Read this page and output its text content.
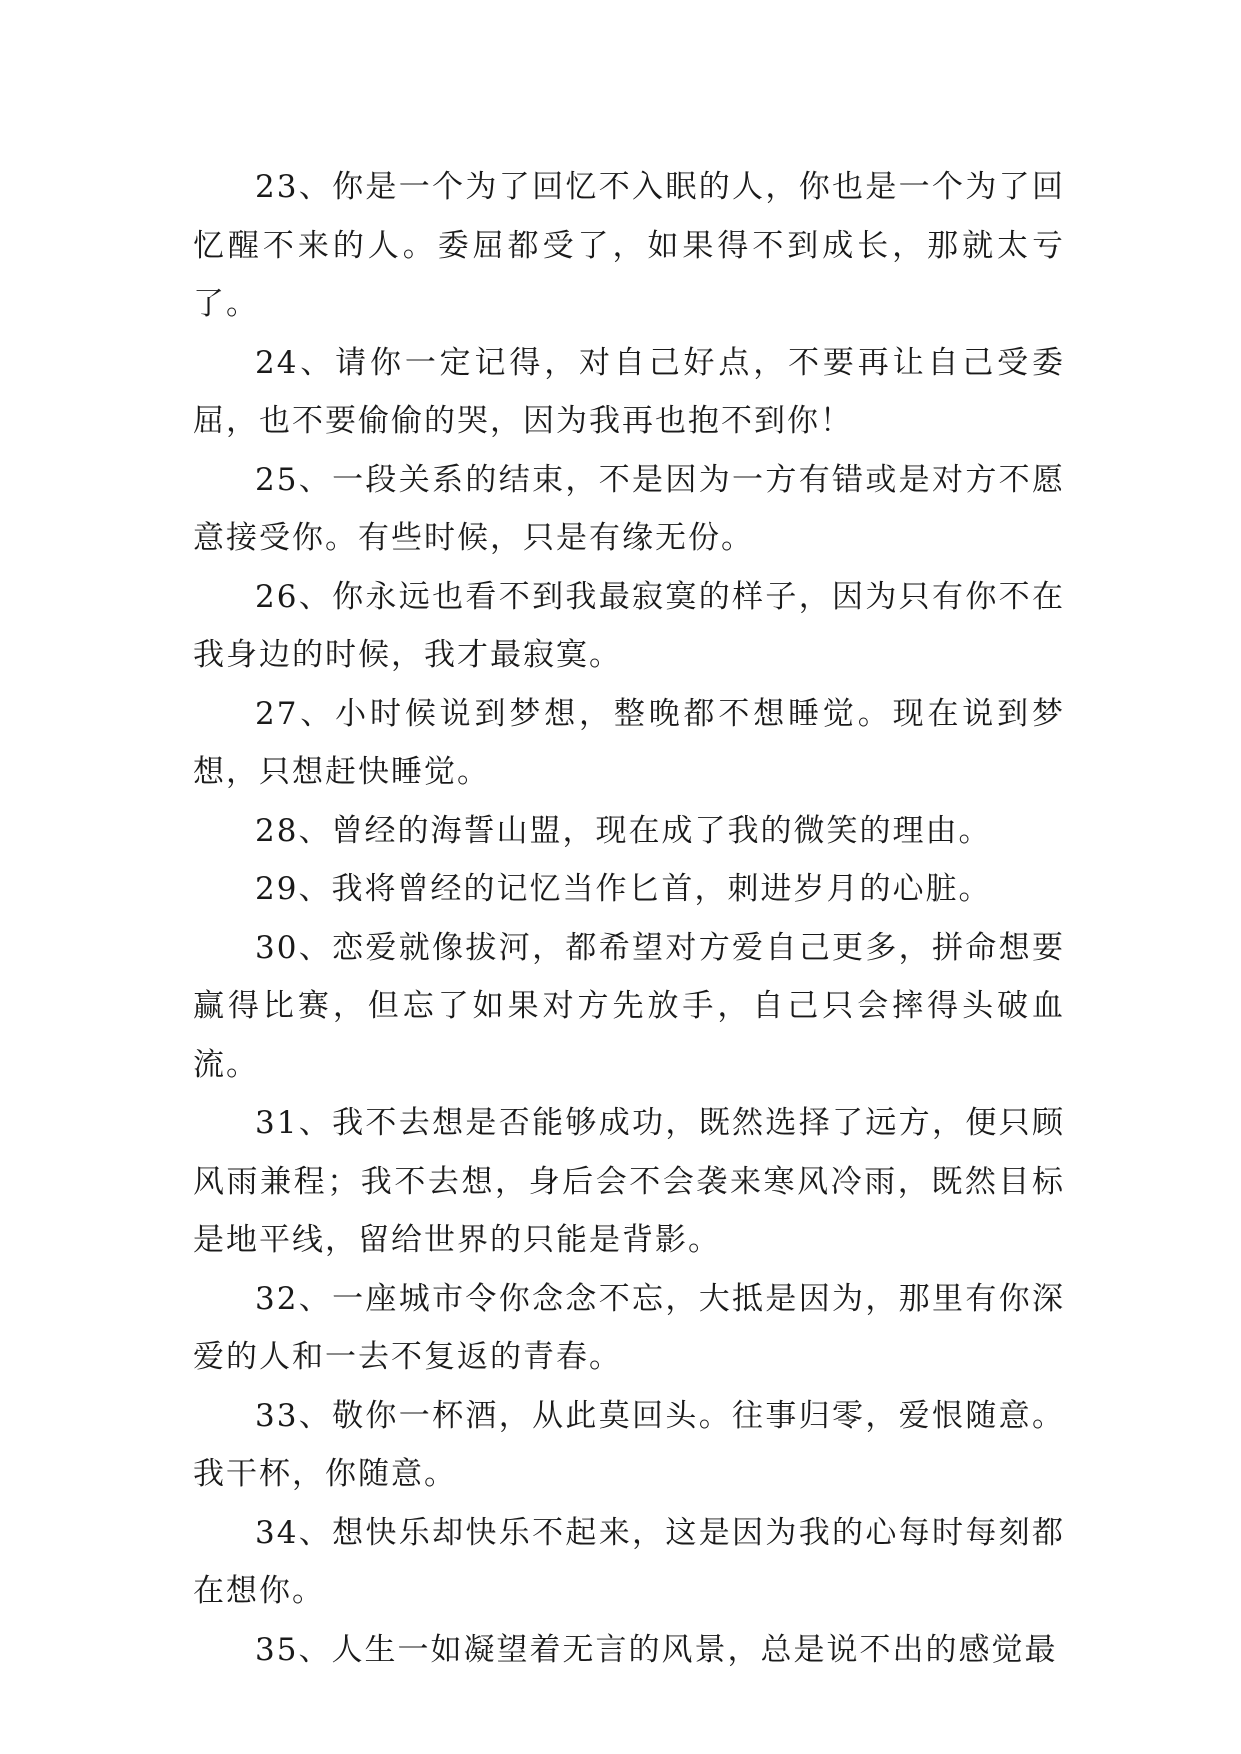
23、你是一个为了回忆不入眠的人，你也是一个为了回忆醒不来的人。委屈都受了，如果得不到成长，那就太亏了。

24、请你一定记得，对自己好点，不要再让自己受委屈，也不要偷偷的哭，因为我再也抱不到你！

25、一段关系的结束，不是因为一方有错或是对方不愿意接受你。有些时候，只是有缘无份。

26、你永远也看不到我最寂寞的样子，因为只有你不在我身边的时候，我才最寂寞。

27、小时候说到梦想，整晚都不想睡觉。现在说到梦想，只想赶快睡觉。

28、曾经的海誓山盟，现在成了我的微笑的理由。

29、我将曾经的记忆当作匕首，刺进岁月的心脏。

30、恋爱就像拔河，都希望对方爱自己更多，拼命想要赢得比赛，但忘了如果对方先放手，自己只会摔得头破血流。

31、我不去想是否能够成功，既然选择了远方，便只顾风雨兼程；我不去想，身后会不会袭来寒风冷雨，既然目标是地平线，留给世界的只能是背影。

32、一座城市令你念念不忘，大抵是因为，那里有你深爱的人和一去不复返的青春。

33、敬你一杯酒，从此莫回头。往事归零，爱恨随意。我干杯，你随意。

34、想快乐却快乐不起来，这是因为我的心每时每刻都在想你。

35、人生一如凝望着无言的风景，总是说不出的感觉最
